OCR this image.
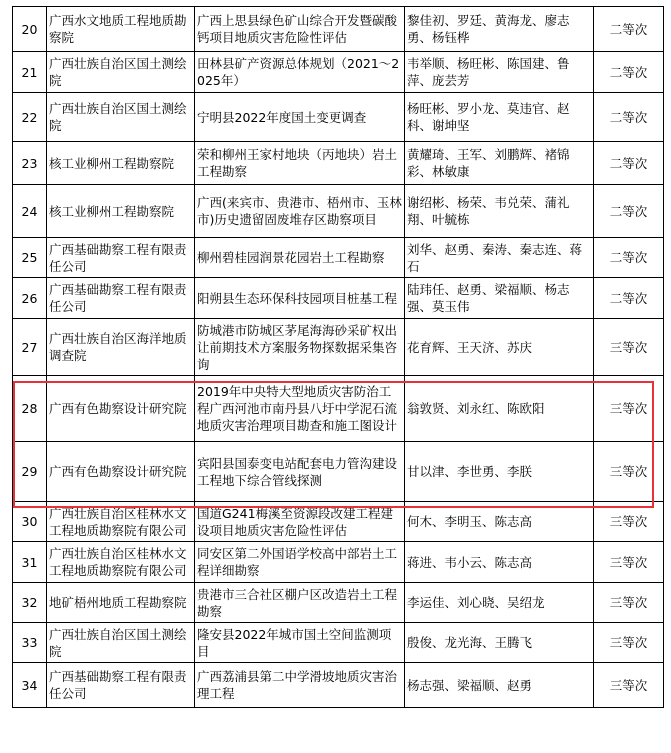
20	广西水文地质工程地质勘察院	广西上思县绿色矿山综合开发暨碳酸钙项目地质灾害危险性评估	黎佳初、罗廷、黄海龙、廖志勇、杨钰桦	二等次
21	广西壮族自治区国土测绘院	田林县矿产资源总体规划（2021～2025年）	韦举顺、杨旺彬、陈国建、鲁萍、庞芸芳	二等次
22	广西壮族自治区国土测绘院	宁明县2022年度国土变更调查	杨旺彬、罗小龙、莫违官、赵科、谢坤坚	二等次
23	核工业柳州工程勘察院	荣和柳州王家村地块（丙地块）岩土工程勘察	黄耀琦、王军、刘鹏辉、褚锦彩、林敏康	二等次
24	核工业柳州工程勘察院	广西(来宾市、贵港市、梧州市、玉林市)历史遗留固废堆存区勘察项目	谢绍彬、杨荣、韦兑荣、蒲礼翔、叶毓栋	二等次
25	广西基础勘察工程有限责任公司	柳州碧桂园润景花园岩土工程勘察	刘华、赵勇、秦涛、秦志连、蒋石	二等次
26	广西基础勘察工程有限责任公司	阳朔县生态环保科技园项目桩基工程	陆玮任、赵勇、梁福顺、杨志强、莫玉伟	二等次
27	广西壮族自治区海洋地质调查院	防城港市防城区茅尾海海砂采矿权出让前期技术方案服务物探数据采集咨询	花育辉、王天济、苏庆	三等次
28	广西有色勘察设计研究院	2019年中央特大型地质灾害防治工程广西河池市南丹县八圩中学泥石流地质灾害治理项目勘查和施工图设计	翁敦贤、刘永红、陈欧阳	三等次
29	广西有色勘察设计研究院	宾阳县国泰变电站配套电力管沟建设工程地下综合管线探测	甘以津、李世勇、李朕	三等次
30	广西壮族自治区桂林水文工程地质勘察院有限公司	国道G241梅溪至资源段改建工程建设项目地质灾害危险性评估	何木、李明玉、陈志高	三等次
31	广西壮族自治区桂林水文工程地质勘察院有限公司	同安区第二外国语学校高中部岩土工程详细勘察	蒋进、韦小云、陈志高	三等次
32	地矿梧州地质工程勘察院	贵港市三合社区棚户区改造岩土工程勘察	李运佳、刘心晓、吴绍龙	三等次
33	广西壮族自治区国土测绘院	隆安县2022年城市国土空间监测项目	殷俊、龙光海、王腾飞	三等次
34	广西基础勘察工程有限责任公司	广西荔浦县第二中学滑坡地质灾害治理工程	杨志强、梁福顺、赵勇	三等次
